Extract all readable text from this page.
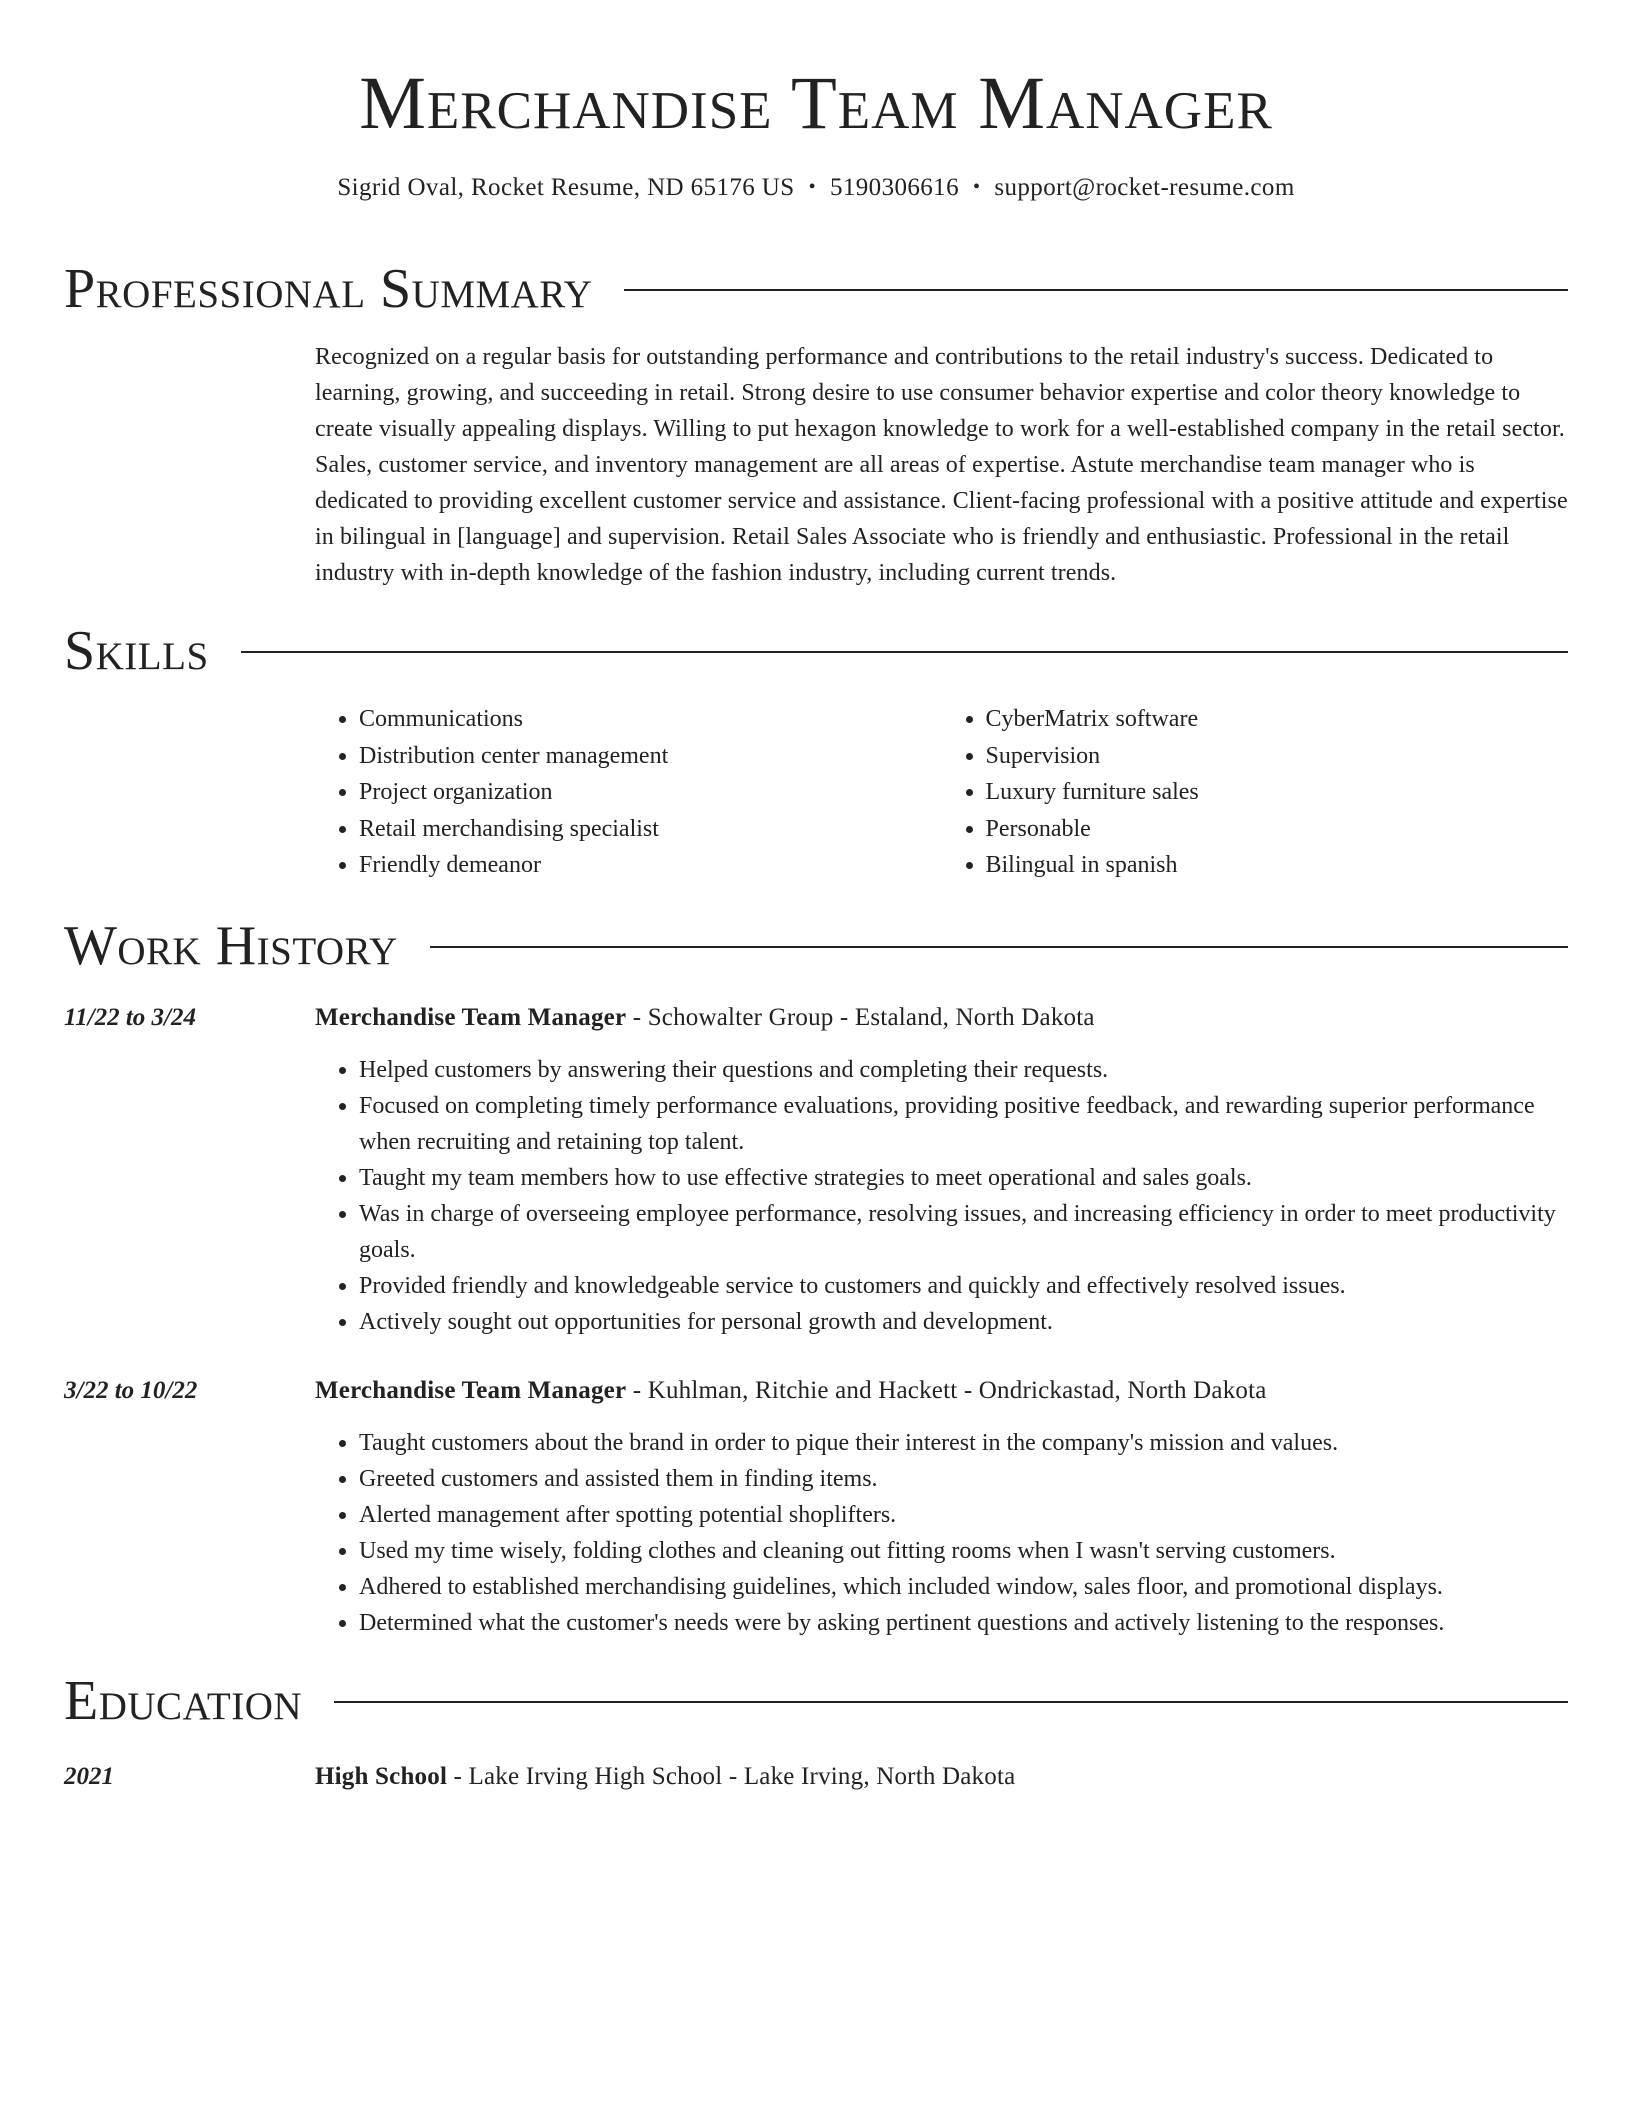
Merchandise Team Manager
Sigrid Oval, Rocket Resume, ND 65176 US • 5190306616 • support@rocket-resume.com
Professional Summary
Recognized on a regular basis for outstanding performance and contributions to the retail industry's success. Dedicated to learning, growing, and succeeding in retail. Strong desire to use consumer behavior expertise and color theory knowledge to create visually appealing displays. Willing to put hexagon knowledge to work for a well-established company in the retail sector. Sales, customer service, and inventory management are all areas of expertise. Astute merchandise team manager who is dedicated to providing excellent customer service and assistance. Client-facing professional with a positive attitude and expertise in bilingual in [language] and supervision. Retail Sales Associate who is friendly and enthusiastic. Professional in the retail industry with in-depth knowledge of the fashion industry, including current trends.
Skills
• Communications
• Distribution center management
• Project organization
• Retail merchandising specialist
• Friendly demeanor
• CyberMatrix software
• Supervision
• Luxury furniture sales
• Personable
• Bilingual in spanish
Work History
11/22 to 3/24	Merchandise Team Manager - Schowalter Group - Estaland, North Dakota
• Helped customers by answering their questions and completing their requests.
• Focused on completing timely performance evaluations, providing positive feedback, and rewarding superior performance when recruiting and retaining top talent.
• Taught my team members how to use effective strategies to meet operational and sales goals.
• Was in charge of overseeing employee performance, resolving issues, and increasing efficiency in order to meet productivity goals.
• Provided friendly and knowledgeable service to customers and quickly and effectively resolved issues.
• Actively sought out opportunities for personal growth and development.
3/22 to 10/22	Merchandise Team Manager - Kuhlman, Ritchie and Hackett - Ondrickastad, North Dakota
• Taught customers about the brand in order to pique their interest in the company's mission and values.
• Greeted customers and assisted them in finding items.
• Alerted management after spotting potential shoplifters.
• Used my time wisely, folding clothes and cleaning out fitting rooms when I wasn't serving customers.
• Adhered to established merchandising guidelines, which included window, sales floor, and promotional displays.
• Determined what the customer's needs were by asking pertinent questions and actively listening to the responses.
Education
2021	High School - Lake Irving High School - Lake Irving, North Dakota
